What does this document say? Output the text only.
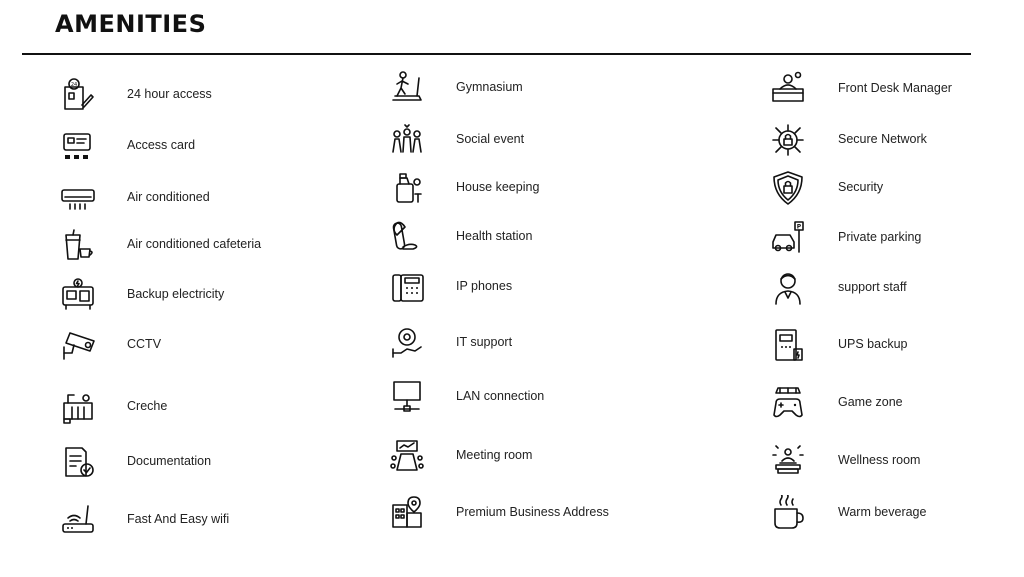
AMENITIES
24
24 hour access
Access card
Air conditioned
Air conditioned cafeteria
Backup electricity
CCTV
Creche
Documentation
Fast And Easy wifi
Gymnasium
Social event
House keeping
Health station
IP phones
IT support
LAN connection
Meeting room
Premium Business Address
Front Desk Manager
Secure Network
Security
P
Private parking
support staff
UPS backup
Game zone
Wellness room
Warm beverage
